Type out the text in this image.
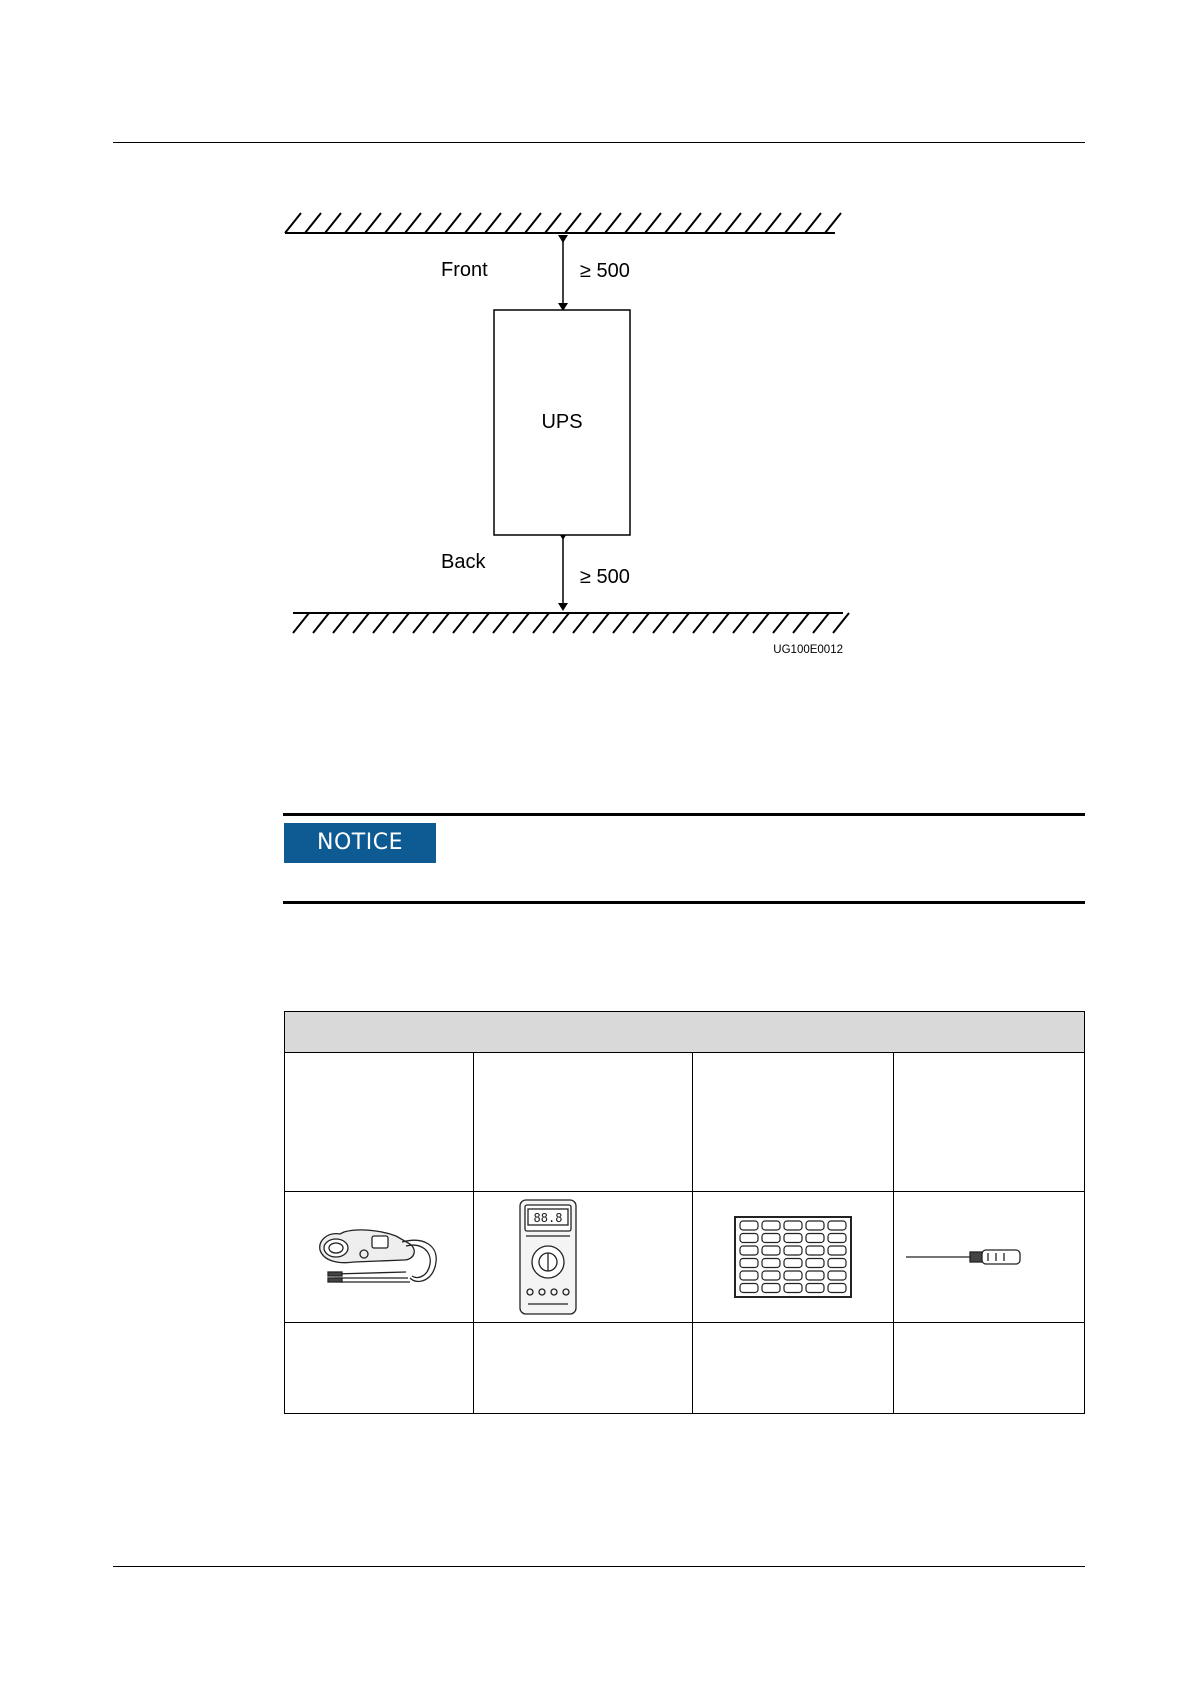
UPS
Front	≥ 500
Back
≥ 500
UG100E0012
NOTICE

88.8
